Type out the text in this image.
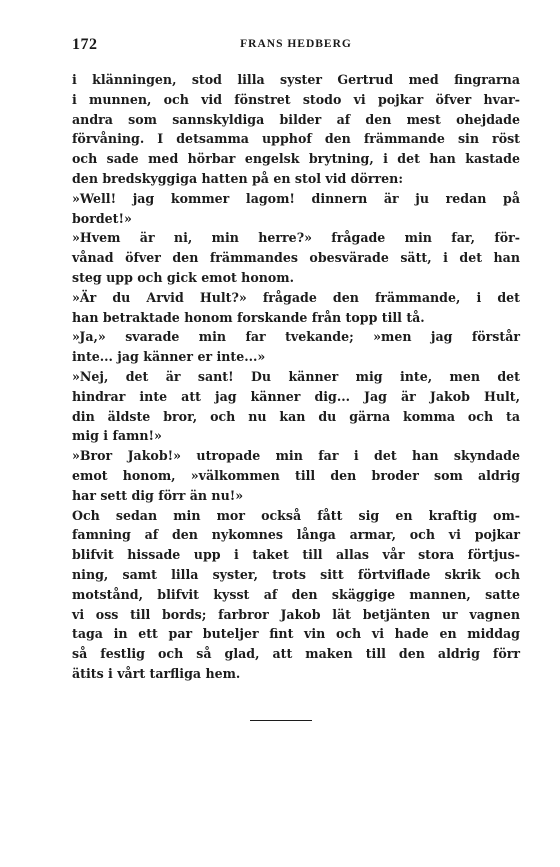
172	FRANS HEDBERG
i klänningen, stod lilla syster Gertrud med fingrarna
i munnen, och vid fönstret stodo vi pojkar öfver hvar-
andra som sannskyldiga bilder af den mest ohejdade
förvåning. I detsamma upphof den främmande sin röst
och sade med hörbar engelsk brytning, i det han kastade
den bredskyggiga hatten på en stol vid dörren:
»Well! jag kommer lagom! dinnern är ju redan på
bordet!»
»Hvem är ni, min herre?» frågade min far, för-
vånad öfver den främmandes obesvärade sätt, i det han
steg upp och gick emot honom.
»Är du Arvid Hult?» frågade den främmande, i det
han betraktade honom forskande från topp till tå.
»Ja,» svarade min far tvekande; »men jag förstår
inte... jag känner er inte...»
»Nej, det är sant! Du känner mig inte, men det
hindrar inte att jag känner dig... Jag är Jakob Hult,
din äldste bror, och nu kan du gärna komma och ta
mig i famn!»
»Bror Jakob!» utropade min far i det han skyndade
emot honom, »välkommen till den broder som aldrig
har sett dig förr än nu!»
Och sedan min mor också fått sig en kraftig om-
famning af den nykomnes långa armar, och vi pojkar
blifvit hissade upp i taket till allas vår stora förtjus-
ning, samt lilla syster, trots sitt förtviflade skrik och
motstånd, blifvit kysst af den skäggige mannen, satte
vi oss till bords; farbror Jakob lät betjänten ur vagnen
taga in ett par buteljer fint vin och vi hade en middag
så festlig och så glad, att maken till den aldrig förr
ätits i vårt tarfliga hem.
